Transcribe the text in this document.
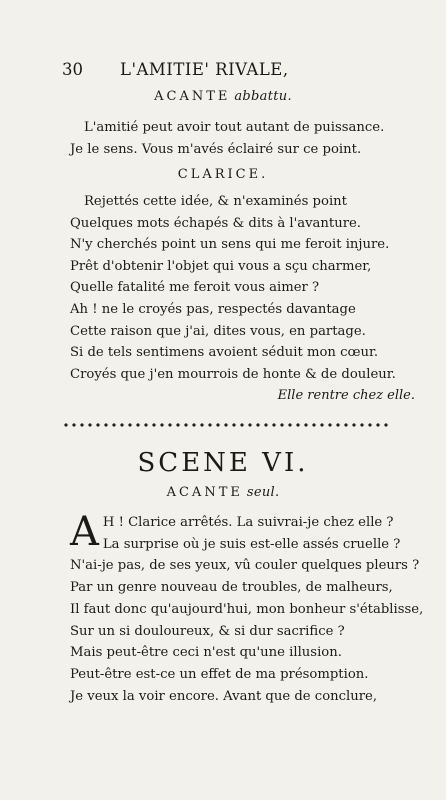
30 L'AMITIE' RIVALE,
ACANTE abbattu.
L'amitié peut avoir tout autant de puissance.
Je le sens. Vous m'avés éclairé sur ce point.
CLARICE.
Rejettés cette idée, & n'examinés point
Quelques mots échapés & dits à l'avanture.
N'y cherchés point un sens qui me feroit injure.
Prêt d'obtenir l'objet qui vous a sçu charmer,
Quelle fatalité me feroit vous aimer ?
Ah ! ne le croyés pas, respectés davantage
Cette raison que j'ai, dites vous, en partage.
Si de tels sentimens avoient séduit mon cœur.
Croyés que j'en mourrois de honte & de douleur.
Elle rentre chez elle.
SCENE VI.
ACANTE seul.
A H ! Clarice arrêtés. La suivrai-je chez elle ?
La surprise où je suis est-elle assés cruelle ?
N'ai-je pas, de ses yeux, vû couler quelques pleurs ?
Par un genre nouveau de troubles, de malheurs,
Il faut donc qu'aujourd'hui, mon bonheur s'établisse,
Sur un si douloureux, & si dur sacrifice ?
Mais peut-être ceci n'est qu'une illusion.
Peut-être est-ce un effet de ma présomption.
Je veux la voir encore. Avant que de conclure,
